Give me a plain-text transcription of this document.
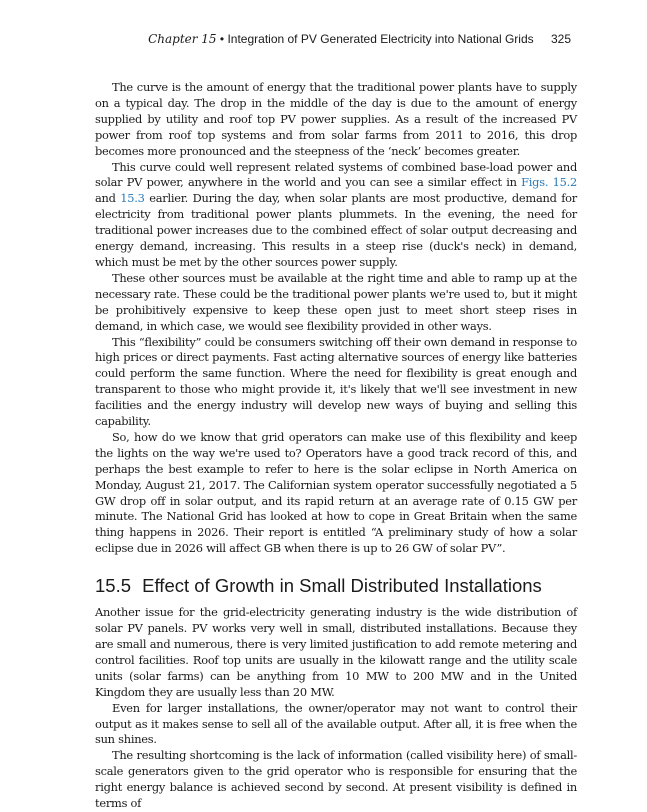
Chapter 15 • Integration of PV Generated Electricity into National Grids 325

The curve is the amount of energy that the traditional power plants have to supply on a typical day. The drop in the middle of the day is due to the amount of energy supplied by utility and roof top PV power supplies. As a result of the increased PV power from roof top systems and from solar farms from 2011 to 2016, this drop becomes more pronounced and the steepness of the ‘neck’ becomes greater.

This curve could well represent related systems of combined base-load power and solar PV power, anywhere in the world and you can see a similar effect in Figs. 15.2 and 15.3 earlier. During the day, when solar plants are most productive, demand for electricity from traditional power plants plummets. In the evening, the need for traditional power increases due to the combined effect of solar output decreasing and energy demand, increasing. This results in a steep rise (duck's neck) in demand, which must be met by the other sources power supply.

These other sources must be available at the right time and able to ramp up at the necessary rate. These could be the traditional power plants we're used to, but it might be prohibitively expensive to keep these open just to meet short steep rises in demand, in which case, we would see flexibility provided in other ways.

This “flexibility” could be consumers switching off their own demand in response to high prices or direct payments. Fast acting alternative sources of energy like batteries could perform the same function. Where the need for flexibility is great enough and transparent to those who might provide it, it's likely that we'll see investment in new facilities and the energy industry will develop new ways of buying and selling this capability.

So, how do we know that grid operators can make use of this flexibility and keep the lights on the way we're used to? Operators have a good track record of this, and perhaps the best example to refer to here is the solar eclipse in North America on Monday, August 21, 2017. The Californian system operator successfully negotiated a 5 GW drop off in solar output, and its rapid return at an average rate of 0.15 GW per minute. The National Grid has looked at how to cope in Great Britain when the same thing happens in 2026. Their report is entitled “A preliminary study of how a solar eclipse due in 2026 will affect GB when there is up to 26 GW of solar PV”.

15.5 Effect of Growth in Small Distributed Installations

Another issue for the grid-electricity generating industry is the wide distribution of solar PV panels. PV works very well in small, distributed installations. Because they are small and numerous, there is very limited justification to add remote metering and control facilities. Roof top units are usually in the kilowatt range and the utility scale units (solar farms) can be anything from 10 MW to 200 MW and in the United Kingdom they are usually less than 20 MW.

Even for larger installations, the owner/operator may not want to control their output as it makes sense to sell all of the available output. After all, it is free when the sun shines.

The resulting shortcoming is the lack of information (called visibility here) of small-scale generators given to the grid operator who is responsible for ensuring that the right energy balance is achieved second by second. At present visibility is defined in terms of
